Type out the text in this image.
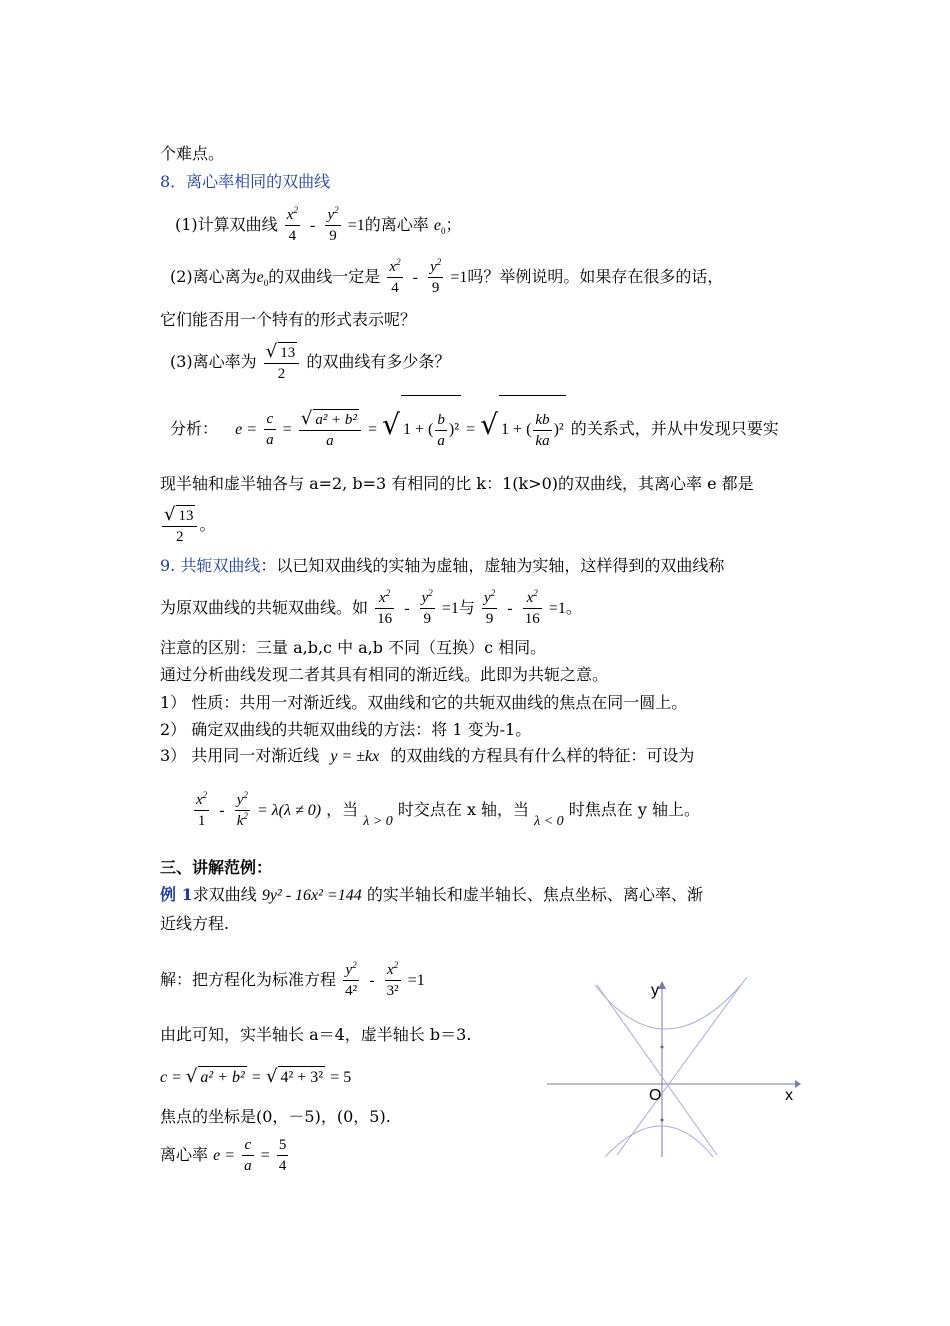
个难点。
8．离心率相同的双曲线
(1)计算双曲线 $\frac{x^2}{4} - \frac{y^2}{9} =1$的离心率 $e_0$；
(2)离心离为$e_0$的双曲线一定是 $\frac{x^2}{4} - \frac{y^2}{9} =1$吗？举例说明。如果存在很多的话，
它们能否用一个特有的形式表示呢？
(3)离心率为 $\frac{√ 13}{2}$ 的双曲线有多少条？
分析： $e = \frac{c}{a} = \frac{\text{√ a² + b²}}{a}$ = √ 1 + ( $\frac{b}{a} )^2$ = √ 1 + ( $\frac{kb}{ka} )^2$ 的关系式，并从中发现只要实
现半轴和虚半轴各与 a=2, b=3 有相同的比 k：1(k>0)的双曲线，其离心率 e 都是
$\frac{√ 13}{2}$ 。
9. 共轭双曲线：以已知双曲线的实轴为虚轴，虚轴为实轴，这样得到的双曲线称
为原双曲线的共轭双曲线。如 $\frac{x^2}{16} - \frac{y^2}{9} =1$与 $\frac{y^2}{9} - \frac{x^2}{16} =1$。
注意的区别：三量 a,b,c 中 a,b 不同（互换）c 相同。
通过分析曲线发现二者其具有相同的渐近线。此即为共轭之意。
1） 性质：共用一对渐近线。双曲线和它的共轭双曲线的焦点在同一圆上。
2） 确定双曲线的共轭双曲线的方法：将 1 变为-1。
3） 共用同一对渐近线 y = ±kx 的双曲线的方程具有什么样的特征：可设为
$\frac{x^2}{1} - \frac{y^2}{k^2} = \lambda(\lambda \ne 0)$ ，当 λ > 0 时交点在 x 轴，当 λ < 0 时焦点在 y 轴上。
三、讲解范例：
例 1求双曲线 9y² - 16x² =144 的实半轴长和虚半轴长、焦点坐标、离心率、渐
近线方程.
解：把方程化为标准方程 $\frac{y^2}{\text{4²}} - \frac{x^2}{\text{3²}} =1$
由此可知，实半轴长 a＝4，虚半轴长 b＝3.
c = √ a² + b² = √ 4² + 3² = 5
焦点的坐标是(0，－5)，(0，5).
离心率 $e = \frac{c}{a} = \frac{5}{4}$
y
x
O
